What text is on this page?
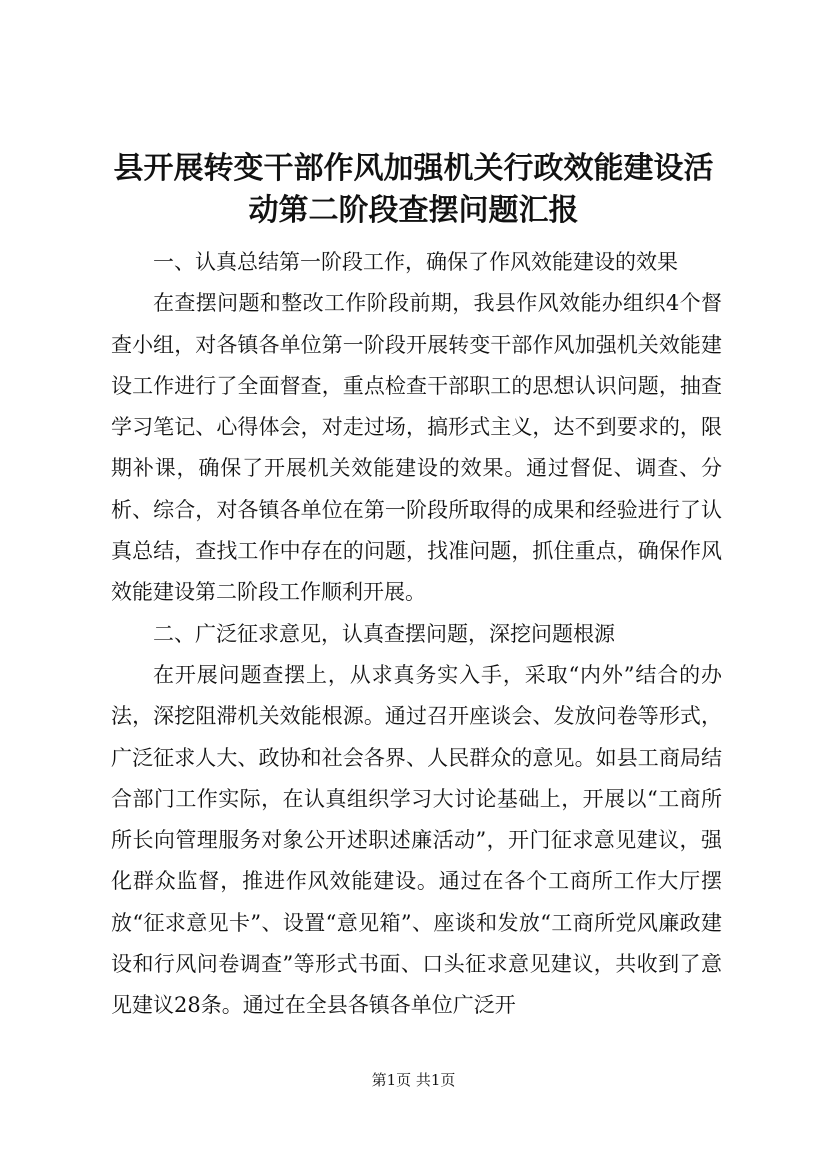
县开展转变干部作风加强机关行政效能建设活动第二阶段查摆问题汇报

一、认真总结第一阶段工作，确保了作风效能建设的效果

在查摆问题和整改工作阶段前期，我县作风效能办组织4个督查小组，对各镇各单位第一阶段开展转变干部作风加强机关效能建设工作进行了全面督查，重点检查干部职工的思想认识问题，抽查学习笔记、心得体会，对走过场，搞形式主义，达不到要求的，限期补课，确保了开展机关效能建设的效果。通过督促、调查、分析、综合，对各镇各单位在第一阶段所取得的成果和经验进行了认真总结，查找工作中存在的问题，找准问题，抓住重点，确保作风效能建设第二阶段工作顺利开展。

二、广泛征求意见，认真查摆问题，深挖问题根源

在开展问题查摆上，从求真务实入手，采取“内外”结合的办法，深挖阻滞机关效能根源。通过召开座谈会、发放问卷等形式，广泛征求人大、政协和社会各界、人民群众的意见。如县工商局结合部门工作实际，在认真组织学习大讨论基础上，开展以“工商所所长向管理服务对象公开述职述廉活动”，开门征求意见建议，强化群众监督，推进作风效能建设。通过在各个工商所工作大厅摆放“征求意见卡”、设置“意见箱”、座谈和发放“工商所党风廉政建设和行风问卷调查”等形式书面、口头征求意见建议，共收到了意见建议28条。通过在全县各镇各单位广泛开

第1页 共1页
